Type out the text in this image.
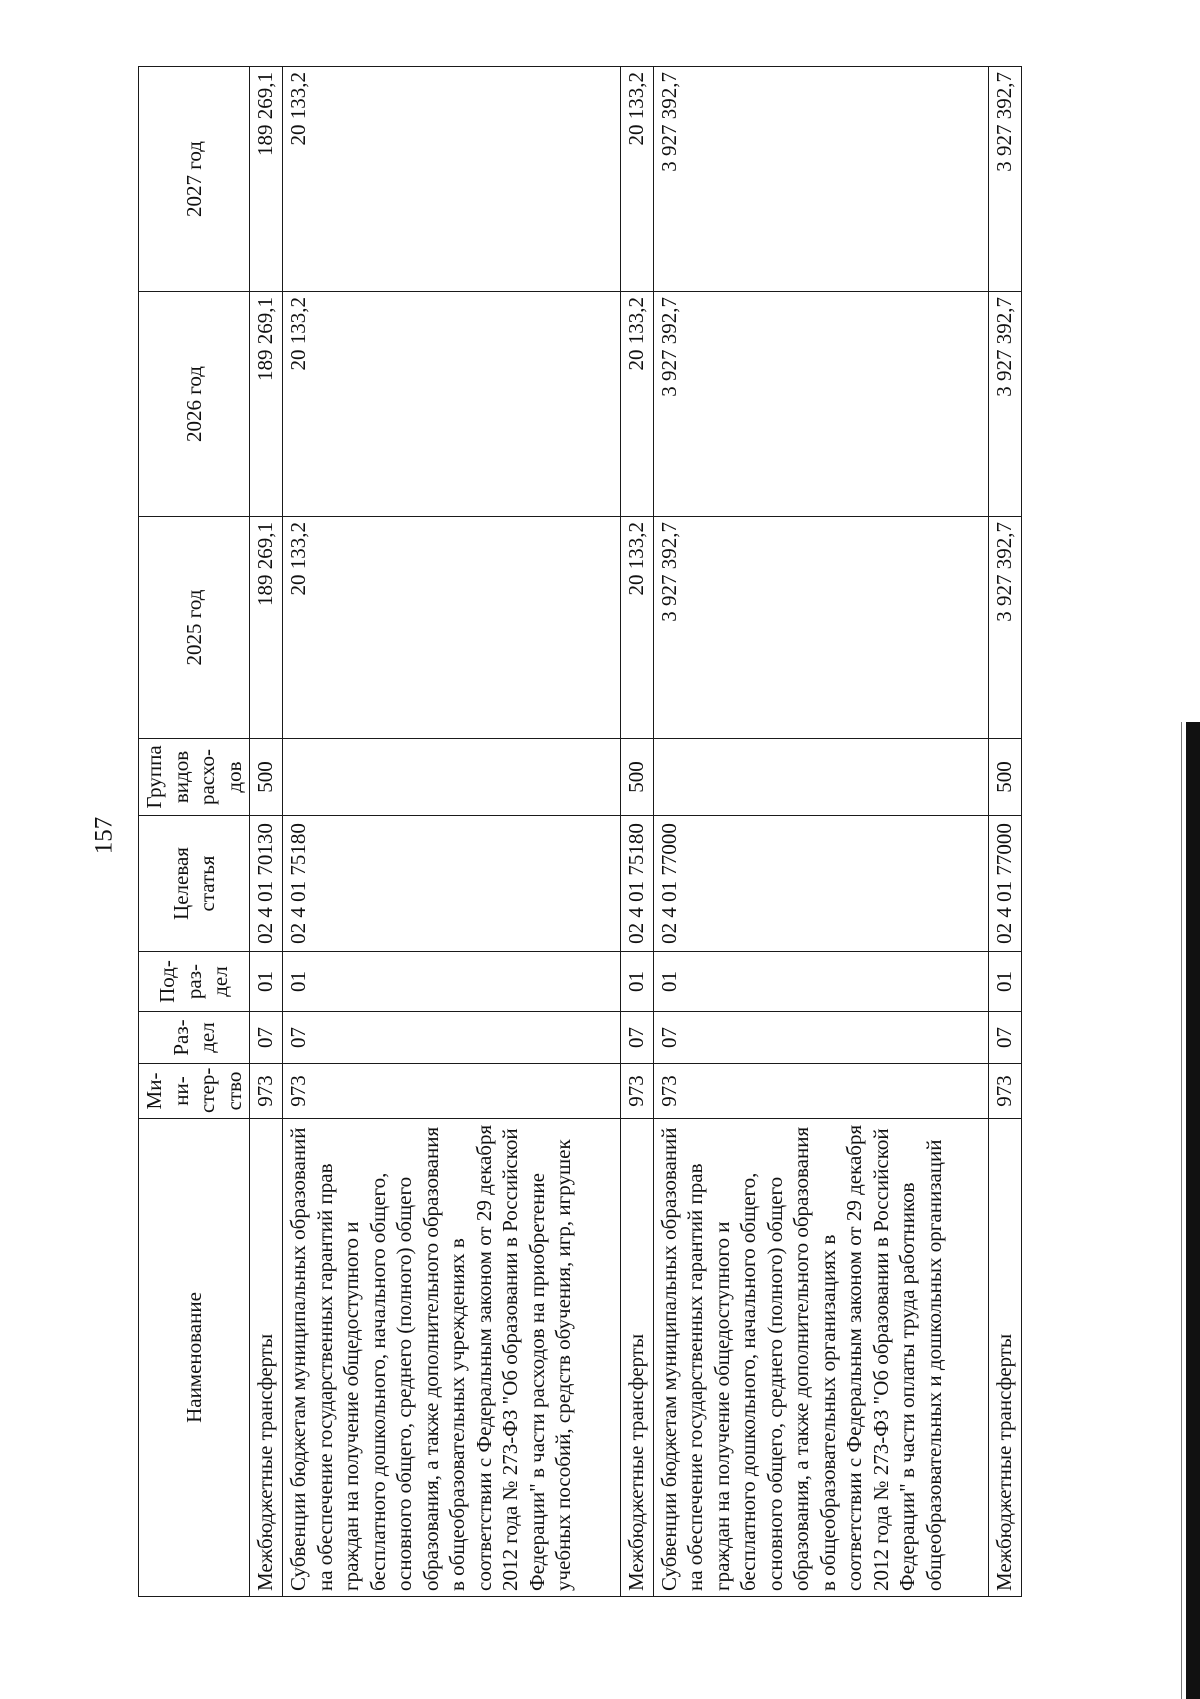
157
Наименование	Ми-ни-стер-ство	Раз-дел	Под-раз-дел	Целевая статья	Группа видов расхо-дов	2025 год	2026 год	2027 год
Межбюджетные трансферты	973	07	01	02 4 01 70130	500	189 269,1	189 269,1	189 269,1
Субвенции бюджетам муниципальных образований на обеспечение государственных гарантий прав граждан на получение общедоступного и бесплатного дошкольного, начального общего, основного общего, среднего (полного) общего образования, а также дополнительного образования в общеобразовательных учреждениях в соответствии с Федеральным законом от 29 декабря 2012 года № 273-ФЗ "Об образовании в Российской Федерации" в части расходов на приобретение учебных пособий, средств обучения, игр, игрушек	973	07	01	02 4 01 75180		20 133,2	20 133,2	20 133,2
Межбюджетные трансферты	973	07	01	02 4 01 75180	500	20 133,2	20 133,2	20 133,2
Субвенции бюджетам муниципальных образований на обеспечение государственных гарантий прав граждан на получение общедоступного и бесплатного дошкольного, начального общего, основного общего, среднего (полного) общего образования, а также дополнительного образования в общеобразовательных организациях в соответствии с Федеральным законом от 29 декабря 2012 года № 273-ФЗ "Об образовании в Российской Федерации" в части оплаты труда работников общеобразовательных и дошкольных организаций	973	07	01	02 4 01 77000		3 927 392,7	3 927 392,7	3 927 392,7
Межбюджетные трансферты	973	07	01	02 4 01 77000	500	3 927 392,7	3 927 392,7	3 927 392,7
